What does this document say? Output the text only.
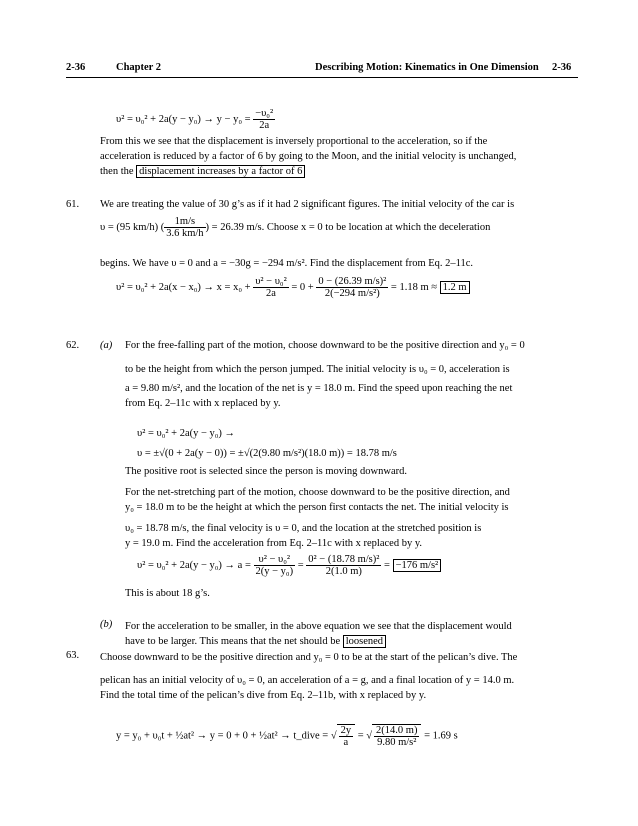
2-36	Chapter 2	Describing Motion: Kinematics in One Dimension 2-36
$\upsilon^2 = \upsilon_0^2 + 2a(y - y_0) \to y - y_0 = \frac{\text{−υ₀²}}{2a}$
From this we see that the displacement is inversely proportional to the acceleration, so if the
acceleration is reduced by a factor of 6 by going to the Moon, and the initial velocity is unchanged,
then the displacement increases by a factor of 6
61. We are treating the value of 30 g’s as if it had 2 significant figures. The initial velocity of the car is
υ = (95 km/h) ( $\frac{1m/s}{3.6 km/h}$ ) = 26.39 m/s. Choose x = 0 to be location at which the deceleration
begins. We have υ = 0 and a = −30g = −294 m/s². Find the displacement from Eq. 2–11c.
$\upsilon^2 = \upsilon_0^2 + 2a(x - x_0) \to x = x_0 + \frac{\text{υ² − υ₀²}}{2a} = 0 + \frac{\text{0 − (26.39 m/s)²}}{\text{2(−294 m/s²)}} = 1.18$ m ≈ 1.2 m
62. (a) For the free-falling part of the motion, choose downward to be the positive direction and y₀ = 0
to be the height from which the person jumped. The initial velocity is υ₀ = 0, acceleration is
a = 9.80 m/s², and the location of the net is y = 18.0 m. Find the speed upon reaching the net
from Eq. 2–11c with x replaced by y.
υ² = υ₀² + 2a(y − y₀) →
υ = ±√(0 + 2a(y − 0)) = ±√(2(9.80 m/s²)(18.0 m)) = 18.78 m/s
The positive root is selected since the person is moving downward.
For the net-stretching part of the motion, choose downward to be the positive direction, and
y₀ = 18.0 m to be the height at which the person first contacts the net. The initial velocity is
υ₀ = 18.78 m/s, the final velocity is υ = 0, and the location at the stretched position is
y = 19.0 m. Find the acceleration from Eq. 2–11c with x replaced by y.
$\upsilon^2 = \upsilon_0^2 + 2a(y - y_0) \to a = \frac{\text{υ² − υ₀²}}{\text{2(y − y₀)}} = \frac{\text{0² − (18.78 m/s)²}}{2(1.0 m)} = -176$ m/s²
This is about 18 g’s.
(b) For the acceleration to be smaller, in the above equation we see that the displacement would
have to be larger. This means that the net should be loosened
63. Choose downward to be the positive direction and y₀ = 0 to be at the start of the pelican’s dive. The
pelican has an initial velocity of υ₀ = 0, an acceleration of a = g, and a final location of y = 14.0 m.
Find the total time of the pelican’s dive from Eq. 2–11b, with x replaced by y.
y = y₀ + υ₀t + ½at² → y = 0 + 0 + ½at² → t_dive = √ $\frac{2y}{a}$ = √ $\frac{2(14.0 m)}{\text{9.80 m/s²}} = 1.69$ s
